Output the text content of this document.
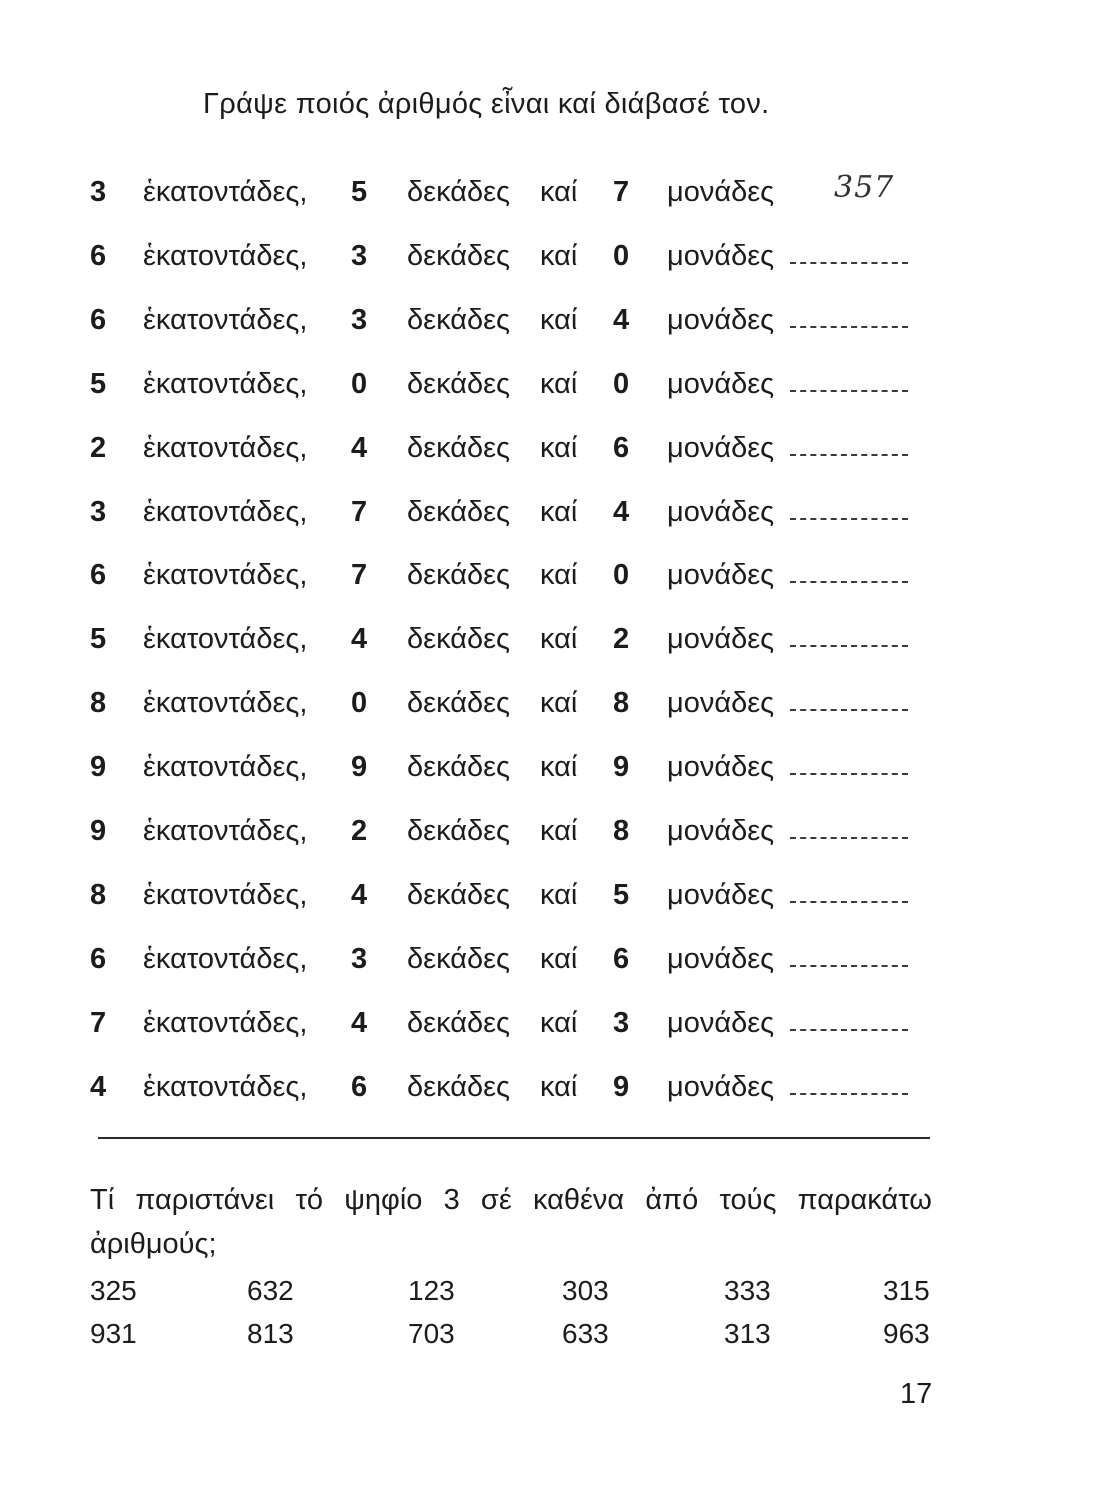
Γράψε ποιός ἀριθμός εἶναι καί διάβασέ τον.
3 ἑκατοντάδες, 5 δεκάδες καί 7 μονάδες 357
6 ἑκατοντάδες, 3 δεκάδες καί 0 μονάδες
6 ἑκατοντάδες, 3 δεκάδες καί 4 μονάδες
5 ἑκατοντάδες, 0 δεκάδες καί 0 μονάδες
2 ἑκατοντάδες, 4 δεκάδες καί 6 μονάδες
3 ἑκατοντάδες, 7 δεκάδες καί 4 μονάδες
6 ἑκατοντάδες, 7 δεκάδες καί 0 μονάδες
5 ἑκατοντάδες, 4 δεκάδες καί 2 μονάδες
8 ἑκατοντάδες, 0 δεκάδες καί 8 μονάδες
9 ἑκατοντάδες, 9 δεκάδες καί 9 μονάδες
9 ἑκατοντάδες, 2 δεκάδες καί 8 μονάδες
8 ἑκατοντάδες, 4 δεκάδες καί 5 μονάδες
6 ἑκατοντάδες, 3 δεκάδες καί 6 μονάδες
7 ἑκατοντάδες, 4 δεκάδες καί 3 μονάδες
4 ἑκατοντάδες, 6 δεκάδες καί 9 μονάδες
Τί παριστάνει τό ψηφίο 3 σέ καθένα ἀπό τούς παρακάτω
ἀριθμούς;
325	632	123	303	333	315
931	813	703	633	313	963
17
